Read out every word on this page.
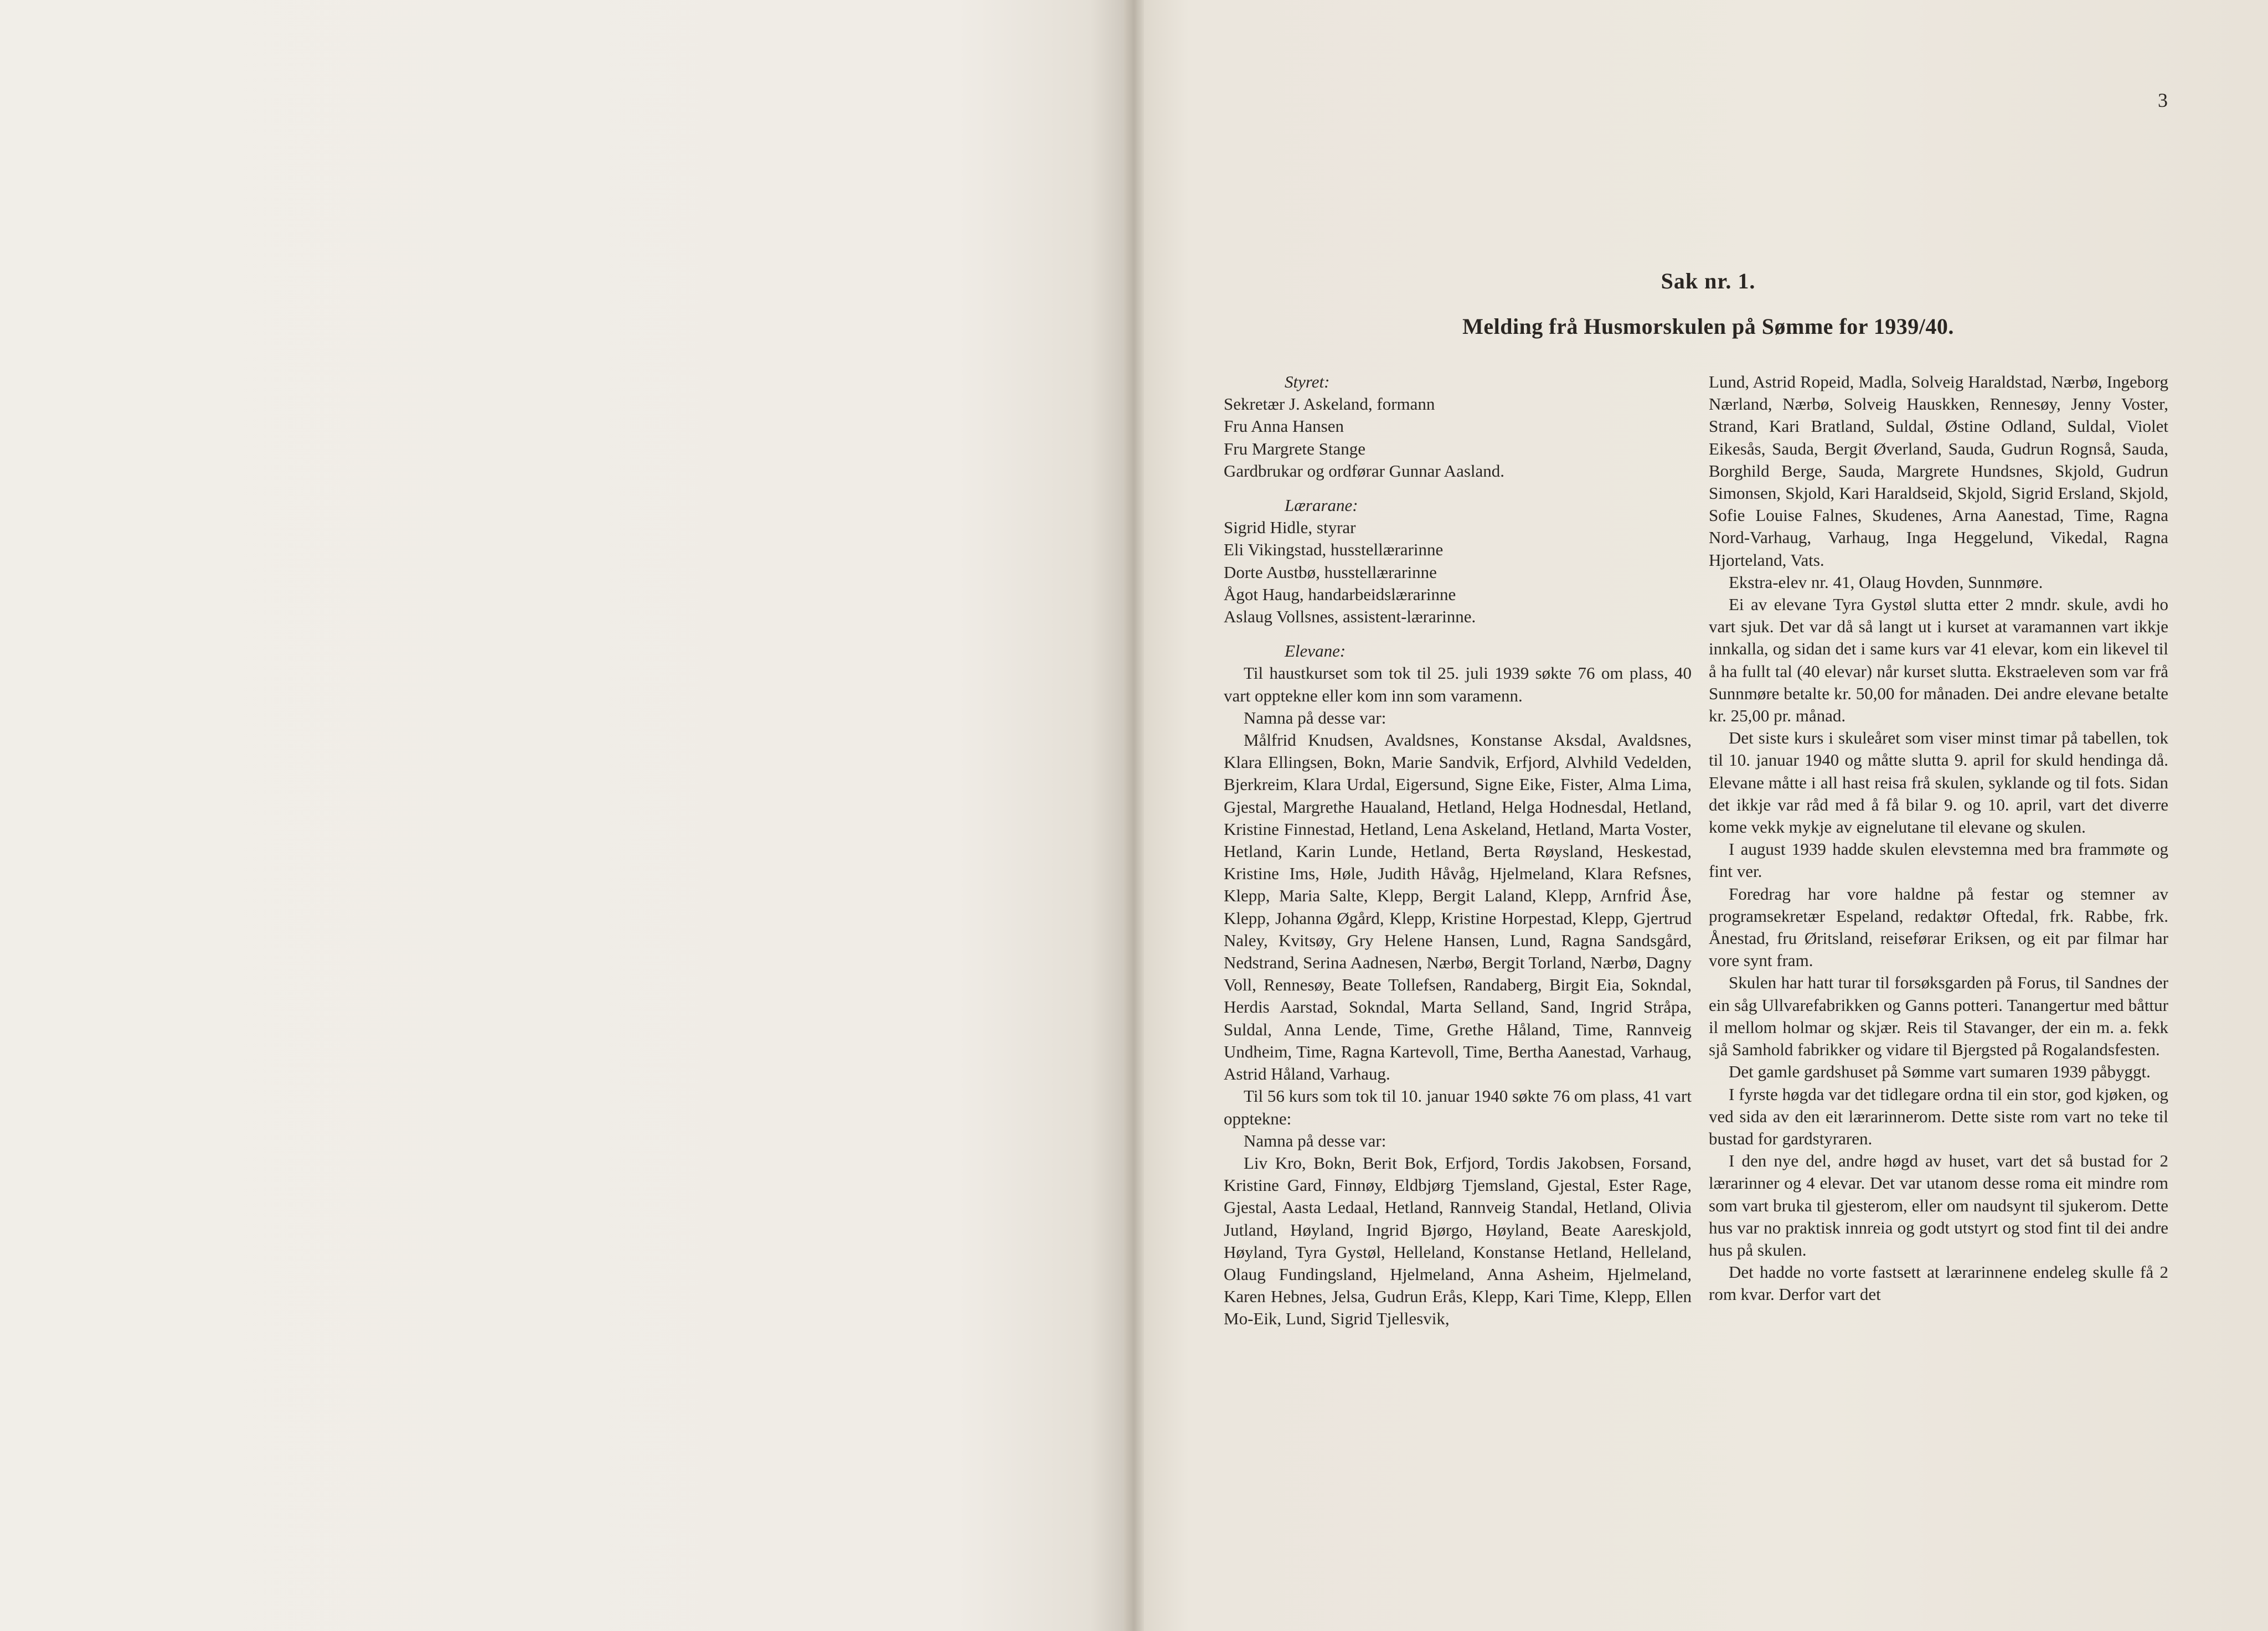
3
Sak nr. 1.
Melding frå Husmorskulen på Sømme for 1939/40.

Styret:

Sekretær J. Askeland, formann

Fru Anna Hansen

Fru Margrete Stange

Gardbrukar og ordførar Gunnar Aasland.

Lærarane:

Sigrid Hidle, styrar

Eli Vikingstad, husstellærarinne

Dorte Austbø, husstellærarinne

Ågot Haug, handarbeidslærarinne

Aslaug Vollsnes, assistent-lærarinne.

Elevane:

Til haustkurset som tok til 25. juli 1939 søkte 76 om plass, 40 vart opptekne eller kom inn som varamenn.

Namna på desse var:

Målfrid Knudsen, Avaldsnes, Konstanse Aksdal, Avaldsnes, Klara Ellingsen, Bokn, Marie Sandvik, Erfjord, Alvhild Vedelden, Bjerkreim, Klara Urdal, Eigersund, Signe Eike, Fister, Alma Lima, Gjestal, Margrethe Haualand, Hetland, Helga Hodnesdal, Hetland, Kristine Finnestad, Hetland, Lena Askeland, Hetland, Marta Voster, Hetland, Karin Lunde, Hetland, Berta Røysland, Heskestad, Kristine Ims, Høle, Judith Håvåg, Hjelmeland, Klara Refsnes, Klepp, Maria Salte, Klepp, Bergit Laland, Klepp, Arnfrid Åse, Klepp, Johanna Øgård, Klepp, Kristine Horpestad, Klepp, Gjertrud Naley, Kvitsøy, Gry Helene Hansen, Lund, Ragna Sandsgård, Nedstrand, Serina Aadnesen, Nærbø, Bergit Torland, Nærbø, Dagny Voll, Rennesøy, Beate Tollefsen, Randaberg, Birgit Eia, Sokndal, Herdis Aarstad, Sokndal, Marta Selland, Sand, Ingrid Stråpa, Suldal, Anna Lende, Time, Grethe Håland, Time, Rannveig Undheim, Time, Ragna Kartevoll, Time, Bertha Aanestad, Varhaug, Astrid Håland, Varhaug.

Til 56 kurs som tok til 10. januar 1940 søkte 76 om plass, 41 vart opptekne:

Namna på desse var:

Liv Kro, Bokn, Berit Bok, Erfjord, Tordis Jakobsen, Forsand, Kristine Gard, Finnøy, Eldbjørg Tjemsland, Gjestal, Ester Rage, Gjestal, Aasta Ledaal, Hetland, Rannveig Standal, Hetland, Olivia Jutland, Høyland, Ingrid Bjørgo, Høyland, Beate Aareskjold, Høyland, Tyra Gystøl, Helleland, Konstanse Hetland, Helleland, Olaug Fundingsland, Hjelmeland, Anna Asheim, Hjelmeland, Karen Hebnes, Jelsa, Gudrun Erås, Klepp, Kari Time, Klepp, Ellen Mo-Eik, Lund, Sigrid Tjellesvik,

Lund, Astrid Ropeid, Madla, Solveig Haraldstad, Nærbø, Ingeborg Nærland, Nærbø, Solveig Hauskken, Rennesøy, Jenny Voster, Strand, Kari Bratland, Suldal, Østine Odland, Suldal, Violet Eikesås, Sauda, Bergit Øverland, Sauda, Gudrun Rognså, Sauda, Borghild Berge, Sauda, Margrete Hundsnes, Skjold, Gudrun Simonsen, Skjold, Kari Haraldseid, Skjold, Sigrid Ersland, Skjold, Sofie Louise Falnes, Skudenes, Arna Aanestad, Time, Ragna Nord-Varhaug, Varhaug, Inga Heggelund, Vikedal, Ragna Hjorteland, Vats.

Ekstra-elev nr. 41, Olaug Hovden, Sunnmøre.

Ei av elevane Tyra Gystøl slutta etter 2 mndr. skule, avdi ho vart sjuk. Det var då så langt ut i kurset at varamannen vart ikkje innkalla, og sidan det i same kurs var 41 elevar, kom ein likevel til å ha fullt tal (40 elevar) når kurset slutta. Ekstraeleven som var frå Sunnmøre betalte kr. 50,00 for månaden. Dei andre elevane betalte kr. 25,00 pr. månad.

Det siste kurs i skuleåret som viser minst timar på tabellen, tok til 10. januar 1940 og måtte slutta 9. april for skuld hendinga då. Elevane måtte i all hast reisa frå skulen, syklande og til fots. Sidan det ikkje var råd med å få bilar 9. og 10. april, vart det diverre kome vekk mykje av eignelutane til elevane og skulen.

I august 1939 hadde skulen elevstemna med bra frammøte og fint ver.

Foredrag har vore haldne på festar og stemner av programsekretær Espeland, redaktør Oftedal, frk. Rabbe, frk. Ånestad, fru Øritsland, reiseførar Eriksen, og eit par filmar har vore synt fram.

Skulen har hatt turar til forsøksgarden på Forus, til Sandnes der ein såg Ullvarefabrikken og Ganns potteri. Tanangertur med båttur il mellom holmar og skjær. Reis til Stavanger, der ein m. a. fekk sjå Samhold fabrikker og vidare til Bjergsted på Rogalandsfesten.

Det gamle gardshuset på Sømme vart sumaren 1939 påbyggt.

I fyrste høgda var det tidlegare ordna til ein stor, god kjøken, og ved sida av den eit lærarinnerom. Dette siste rom vart no teke til bustad for gardstyraren.

I den nye del, andre høgd av huset, vart det så bustad for 2 lærarinner og 4 elevar. Det var utanom desse roma eit mindre rom som vart bruka til gjesterom, eller om naudsynt til sjukerom. Dette hus var no praktisk innreia og godt utstyrt og stod fint til dei andre hus på skulen.

Det hadde no vorte fastsett at lærarinnene endeleg skulle få 2 rom kvar. Derfor vart det
